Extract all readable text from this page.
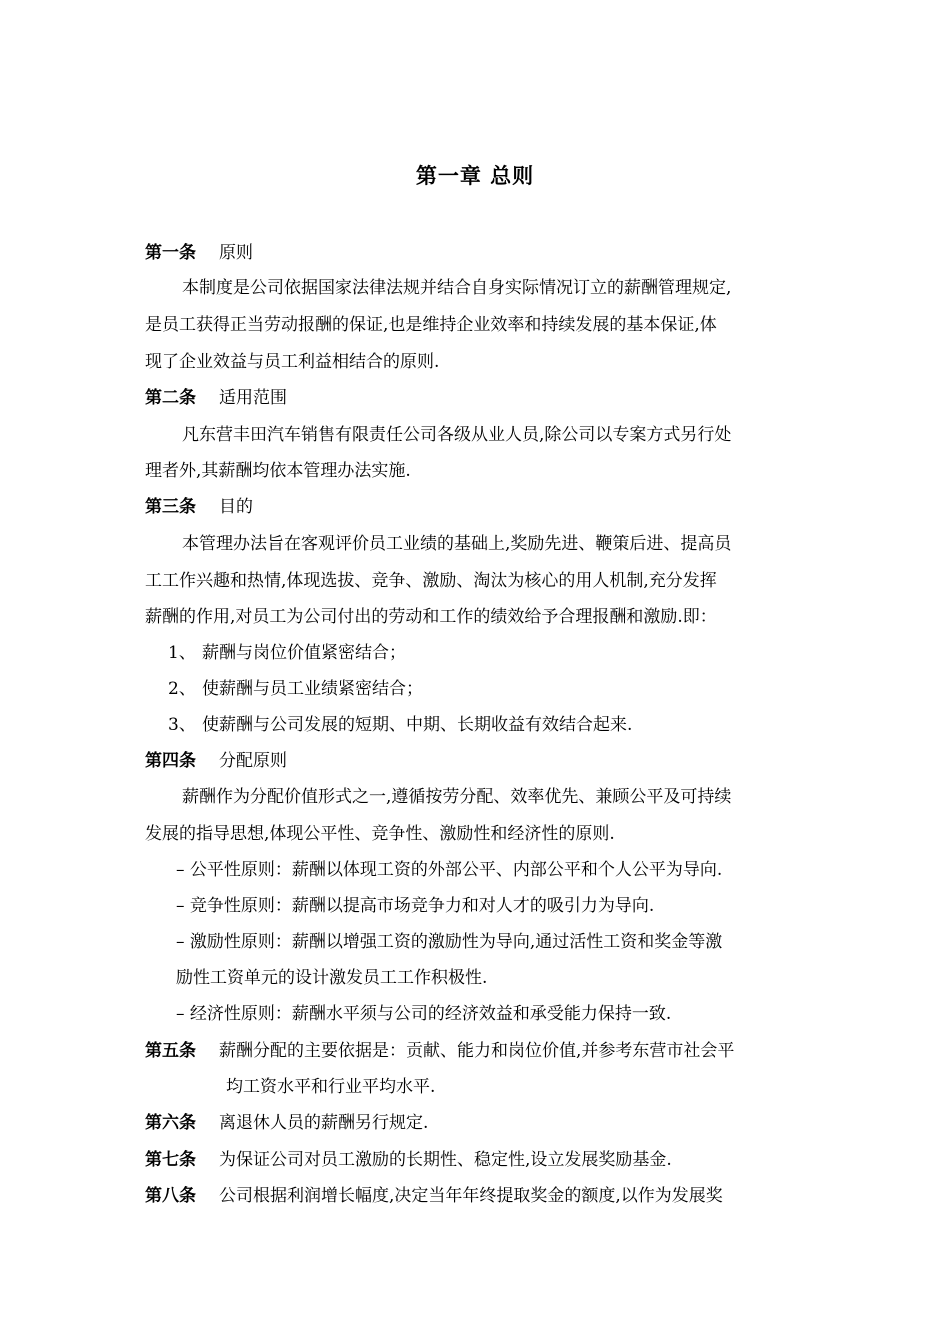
第一章 总则
第一条 原则
本制度是公司依据国家法律法规并结合自身实际情况订立的薪酬管理规定,
是员工获得正当劳动报酬的保证,也是维持企业效率和持续发展的基本保证,体
现了企业效益与员工利益相结合的原则.
第二条 适用范围
凡东营丰田汽车销售有限责任公司各级从业人员,除公司以专案方式另行处
理者外,其薪酬均依本管理办法实施.
第三条 目的
本管理办法旨在客观评价员工业绩的基础上,奖励先进、鞭策后进、提高员
工工作兴趣和热情,体现选拔、竞争、激励、淘汰为核心的用人机制,充分发挥
薪酬的作用,对员工为公司付出的劳动和工作的绩效给予合理报酬和激励.即：
1、 薪酬与岗位价值紧密结合；
2、 使薪酬与员工业绩紧密结合；
3、 使薪酬与公司发展的短期、中期、长期收益有效结合起来.
第四条 分配原则
薪酬作为分配价值形式之一,遵循按劳分配、效率优先、兼顾公平及可持续
发展的指导思想,体现公平性、竞争性、激励性和经济性的原则.
– 公平性原则：薪酬以体现工资的外部公平、内部公平和个人公平为导向.
– 竞争性原则：薪酬以提高市场竞争力和对人才的吸引力为导向.
– 激励性原则：薪酬以增强工资的激励性为导向,通过活性工资和奖金等激
励性工资单元的设计激发员工工作积极性.
– 经济性原则：薪酬水平须与公司的经济效益和承受能力保持一致.
第五条 薪酬分配的主要依据是：贡献、能力和岗位价值,并参考东营市社会平
均工资水平和行业平均水平.
第六条 离退休人员的薪酬另行规定.
第七条 为保证公司对员工激励的长期性、稳定性,设立发展奖励基金.
第八条 公司根据利润增长幅度,决定当年年终提取奖金的额度,以作为发展奖
